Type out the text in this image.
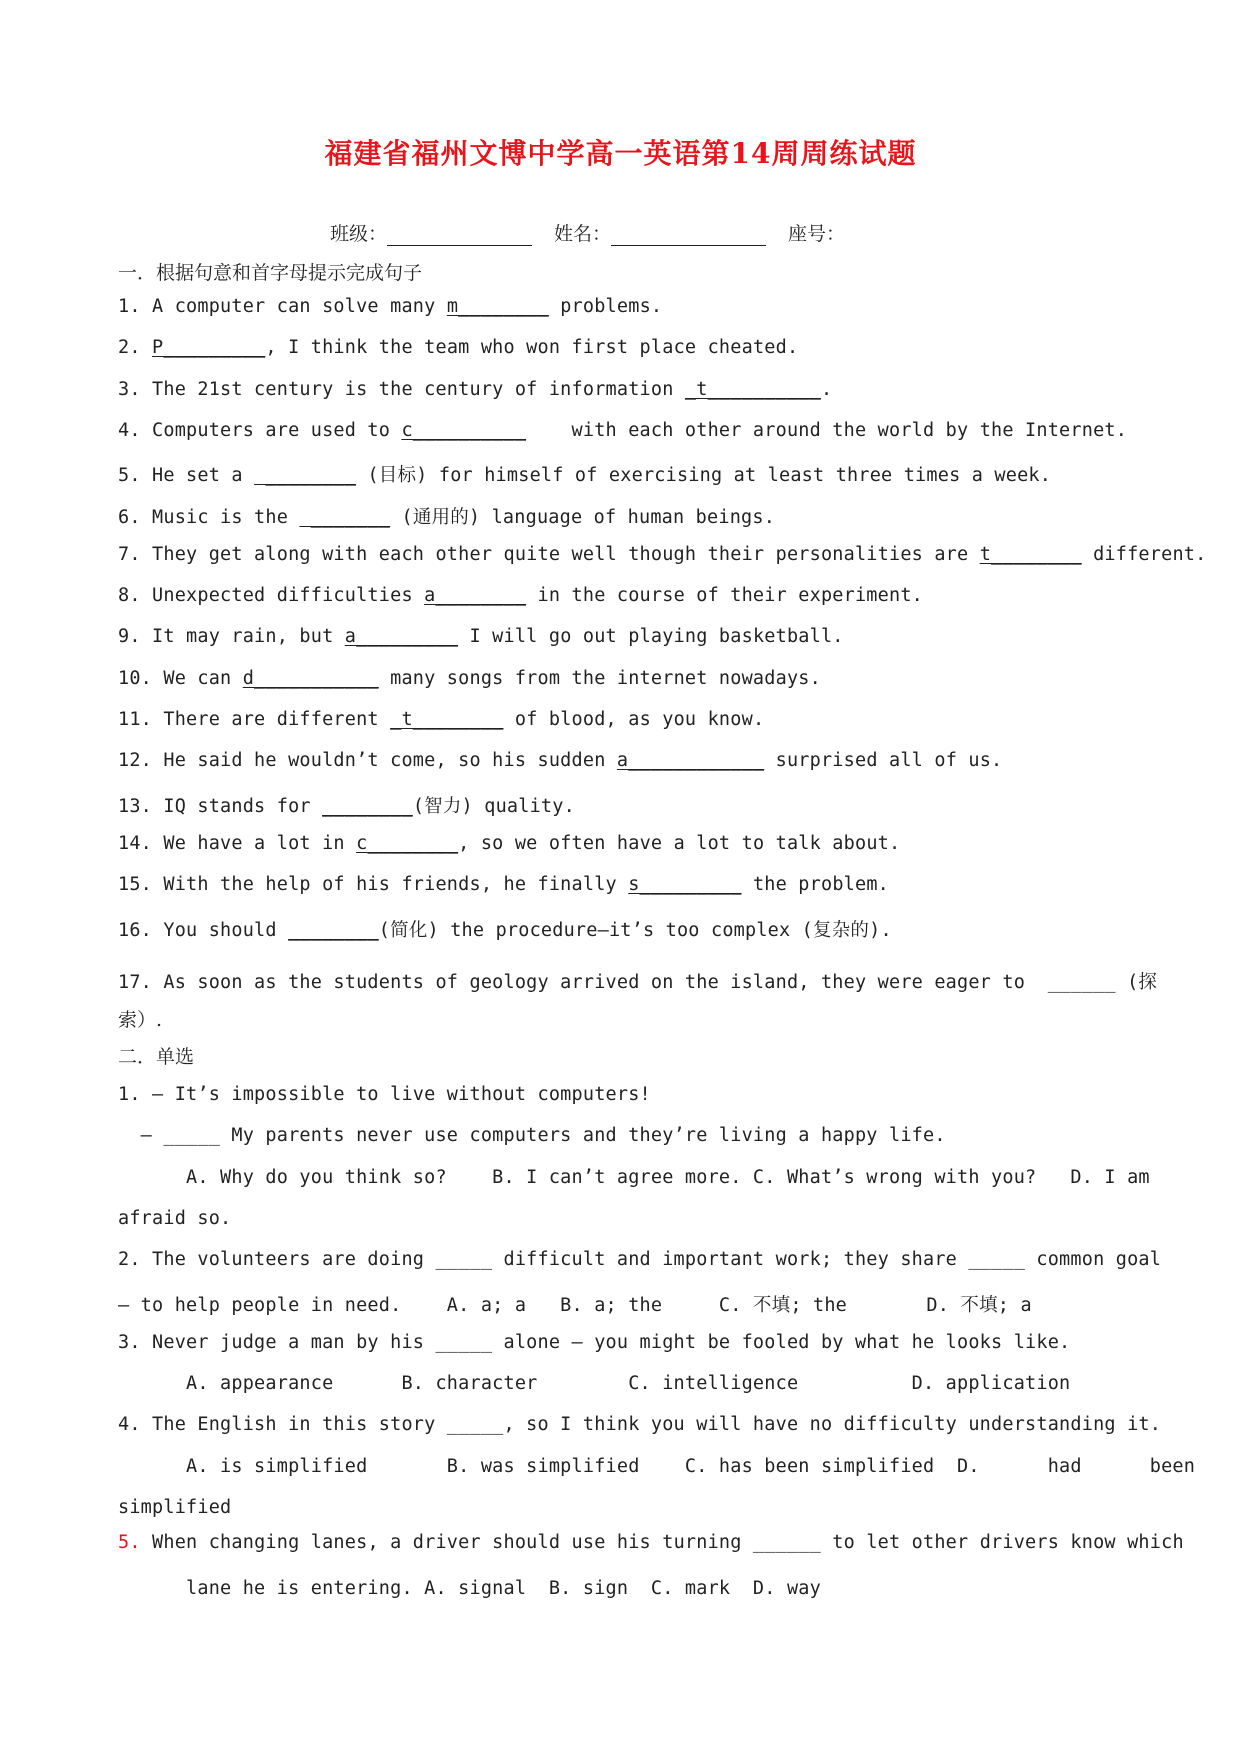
福建省福州文博中学高一英语第14周周练试题
班级：	姓名：	座号：
一．根据句意和首字母提示完成句子
1. A computer can solve many m________ problems.
2. P_________, I think the team who won first place cheated.
3. The 21st century is the century of information _t__________.
4. Computers are used to c__________    with each other around the world by the Internet.
5. He set a  ________ (目标) for himself of exercising at least three times a week.
6. Music is the  _______ (通用的) language of human beings.
7. They get along with each other quite well though their personalities are t________ different.
8. Unexpected difficulties a________ in the course of their experiment.
9. It may rain, but a_________ I will go out playing basketball.
10. We can d___________ many songs from the internet nowadays.
11. There are different _t________ of blood, as you know.
12. He said he wouldn’t come, so his sudden a____________ surprised all of us.
13. IQ stands for ________(智力) quality.
14. We have a lot in c________, so we often have a lot to talk about.
15. With the help of his friends, he finally s_________ the problem.
16. You should ________(简化) the procedure—it’s too complex (复杂的).
17. As soon as the students of geology arrived on the island, they were eager to  ______ (探
索）.
二．单选
1. — It’s impossible to live without computers!
— _____ My parents never use computers and they’re living a happy life.
A. Why do you think so?    B. I can’t agree more. C. What’s wrong with you?   D. I am
afraid so.
2. The volunteers are doing _____ difficult and important work; they share _____ common goal
— to help people in need.    A. a; a   B. a; the     C. 不填; the       D. 不填; a
3. Never judge a man by his _____ alone — you might be fooled by what he looks like.
A. appearance      B. character        C. intelligence          D. application
4. The English in this story _____, so I think you will have no difficulty understanding it.
A. is simplified       B. was simplified    C. has been simplified  D.      had      been
simplified
5. When changing lanes, a driver should use his turning ______ to let other drivers know which
lane he is entering. A. signal  B. sign  C. mark  D. way
